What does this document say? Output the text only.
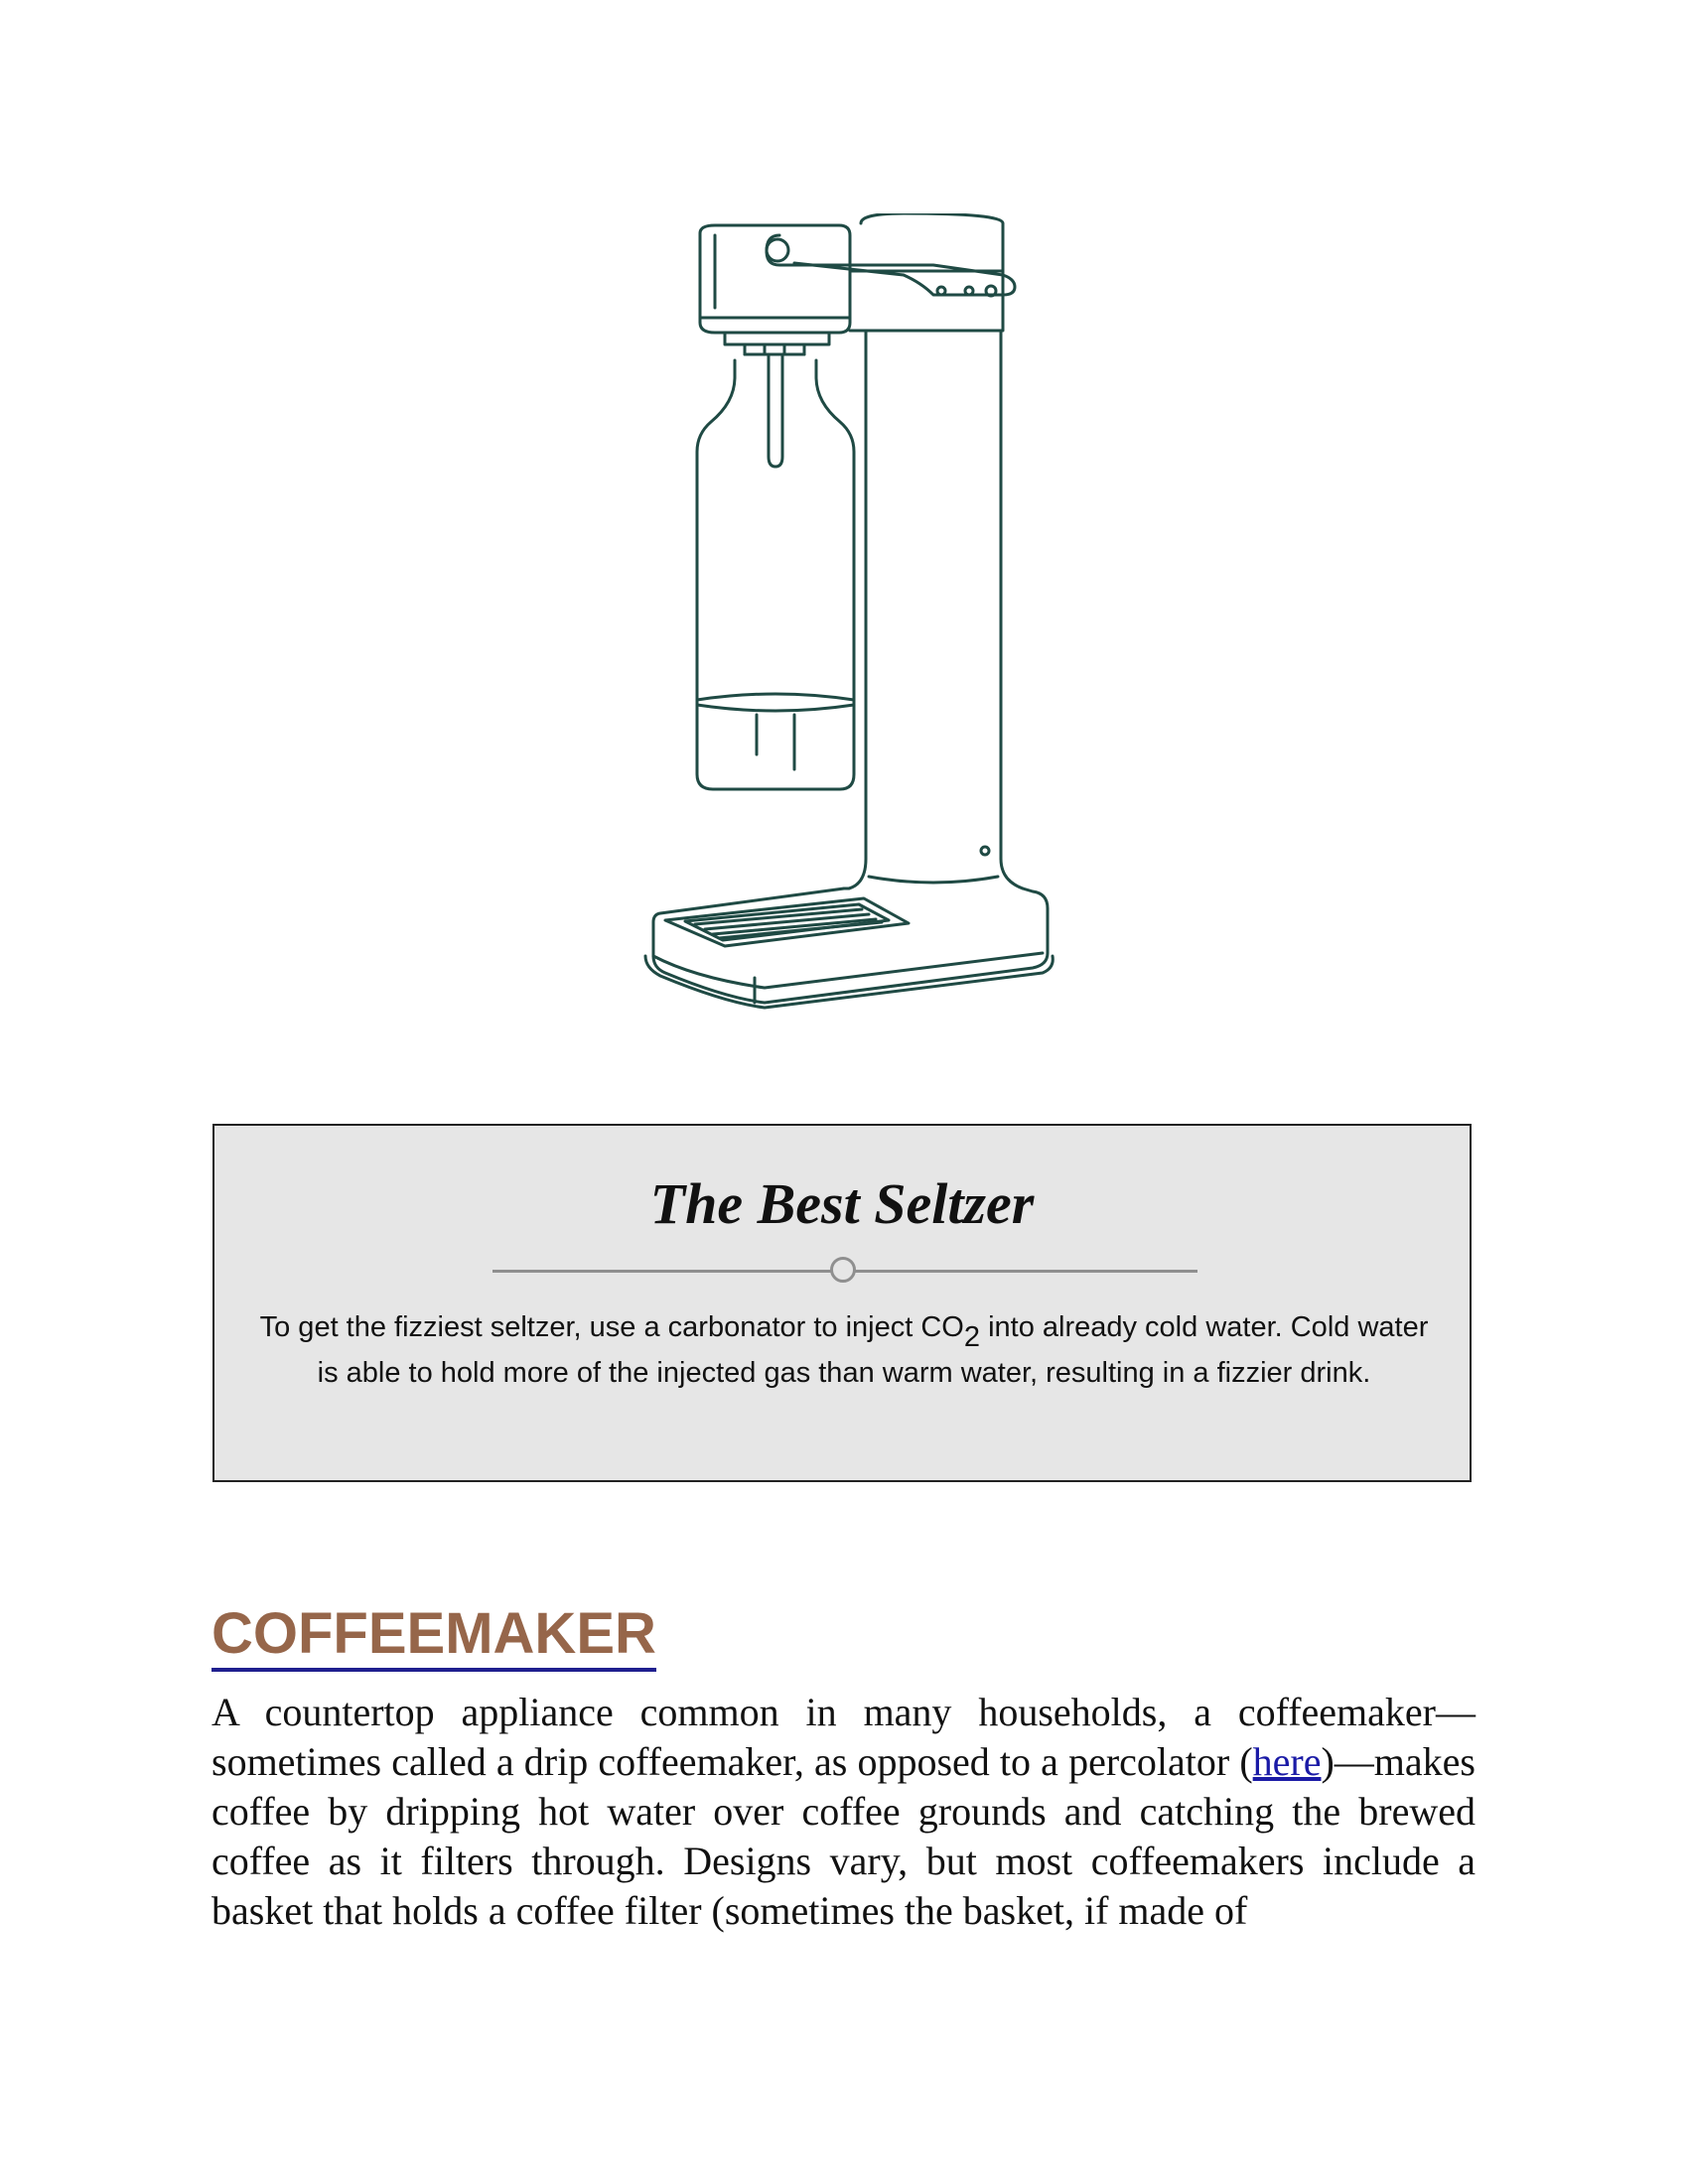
The Best Seltzer

To get the fizziest seltzer, use a carbonator to inject $CO_2$ into already cold water. Cold water is able to hold more of the injected gas than warm water, resulting in a fizzier drink.

COFFEEMAKER

A countertop appliance common in many households, a coffeemaker—sometimes called a drip coffeemaker, as opposed to a percolator (here)—makes coffee by dripping hot water over coffee grounds and catching the brewed coffee as it filters through. Designs vary, but most coffeemakers include a basket that holds a coffee filter (sometimes the basket, if made of
